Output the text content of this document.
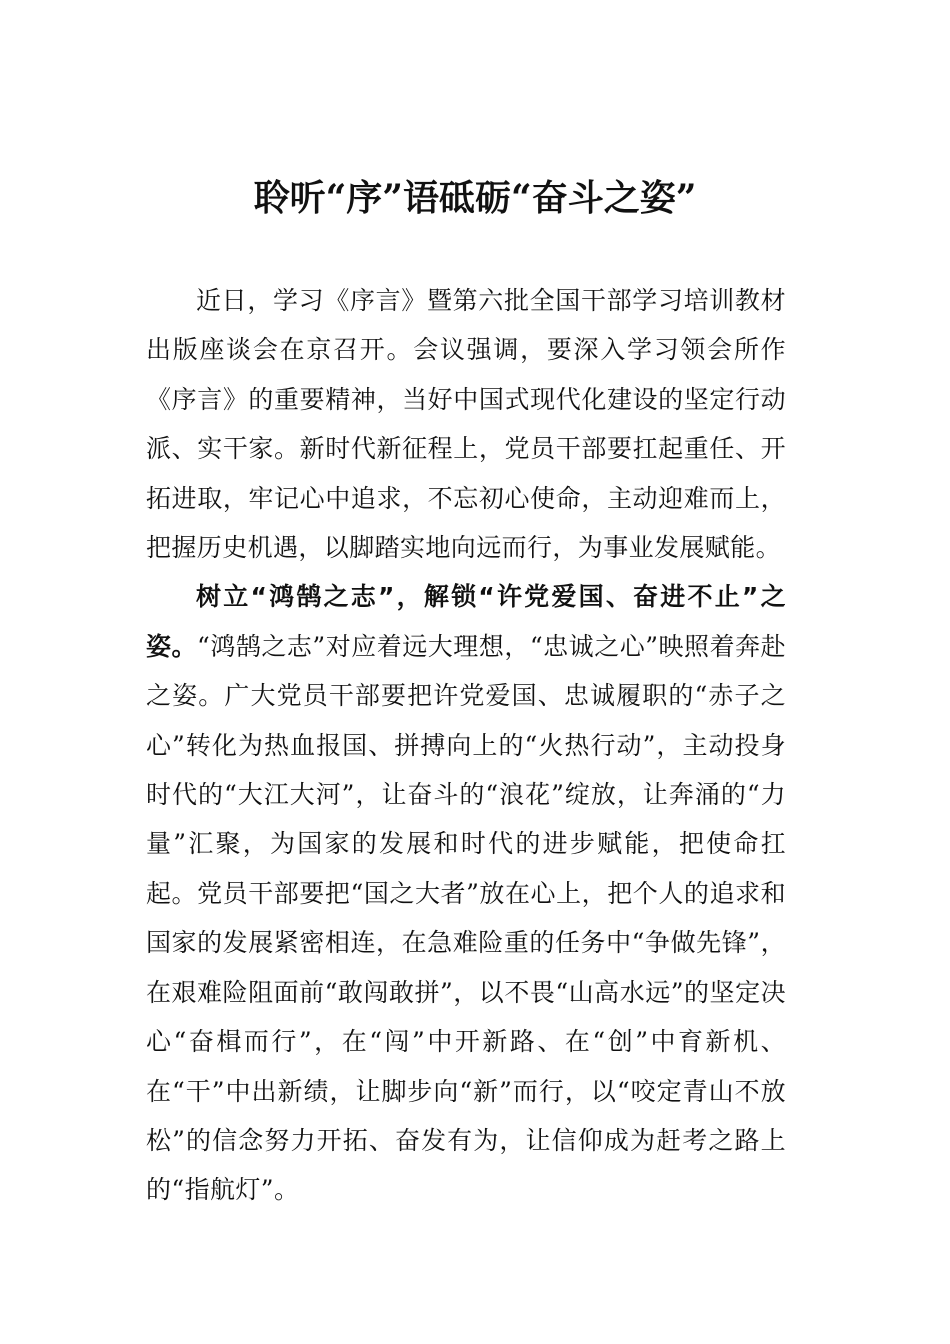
聆听“序”语砥砺“奋斗之姿”

近日，学习《序言》暨第六批全国干部学习培训教材出版座谈会在京召开。会议强调，要深入学习领会所作《序言》的重要精神，当好中国式现代化建设的坚定行动派、实干家。新时代新征程上，党员干部要扛起重任、开拓进取，牢记心中追求，不忘初心使命，主动迎难而上，把握历史机遇，以脚踏实地向远而行，为事业发展赋能。

树立“鸿鹄之志”，解锁“许党爱国、奋进不止”之姿。“鸿鹄之志”对应着远大理想，“忠诚之心”映照着奔赴之姿。广大党员干部要把许党爱国、忠诚履职的“赤子之心”转化为热血报国、拼搏向上的“火热行动”，主动投身时代的“大江大河”，让奋斗的“浪花”绽放，让奔涌的“力量”汇聚，为国家的发展和时代的进步赋能，把使命扛起。党员干部要把“国之大者”放在心上，把个人的追求和国家的发展紧密相连，在急难险重的任务中“争做先锋”，在艰难险阻面前“敢闯敢拼”，以不畏“山高水远”的坚定决心“奋楫而行”，在“闯”中开新路、在“创”中育新机、在“干”中出新绩，让脚步向“新”而行，以“咬定青山不放松”的信念努力开拓、奋发有为，让信仰成为赶考之路上的“指航灯”。
